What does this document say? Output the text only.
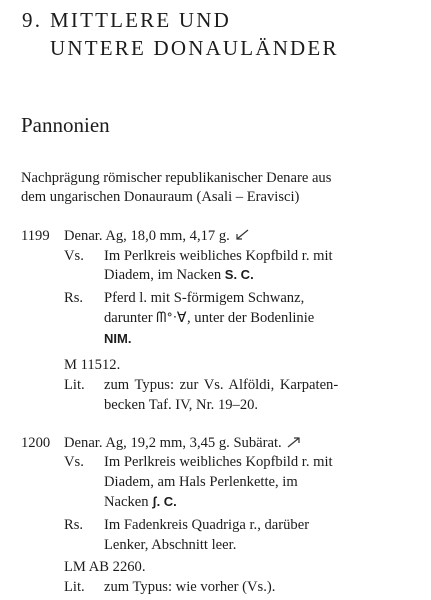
9. MITTLERE UND
UNTERE DONAULÄNDER
Pannonien
Nachprägung römischer republikanischer Denare aus
dem ungarischen Donauraum (Asali – Eravisci)
1199 Denar. Ag, 18,0 mm, 4,17 g.
Vs. Im Perlkreis weibliches Kopfbild r. mit
Diadem, im Nacken S. C.
Rs. Pferd l. mit S-förmigem Schwanz,
darunter ᗰᐤᐧⱯ, unter der Bodenlinie
NIM.
M 11512.
Lit. zum Typus: zur Vs. Alföldi, Karpaten-
becken Taf. IV, Nr. 19–20.
1200 Denar. Ag, 19,2 mm, 3,45 g. Subärat.
Vs. Im Perlkreis weibliches Kopfbild r. mit
Diadem, am Hals Perlenkette, im
Nacken ʃ. C.
Rs. Im Fadenkreis Quadriga r., darüber
Lenker, Abschnitt leer.
LM AB 2260.
Lit. zum Typus: wie vorher (Vs.).
